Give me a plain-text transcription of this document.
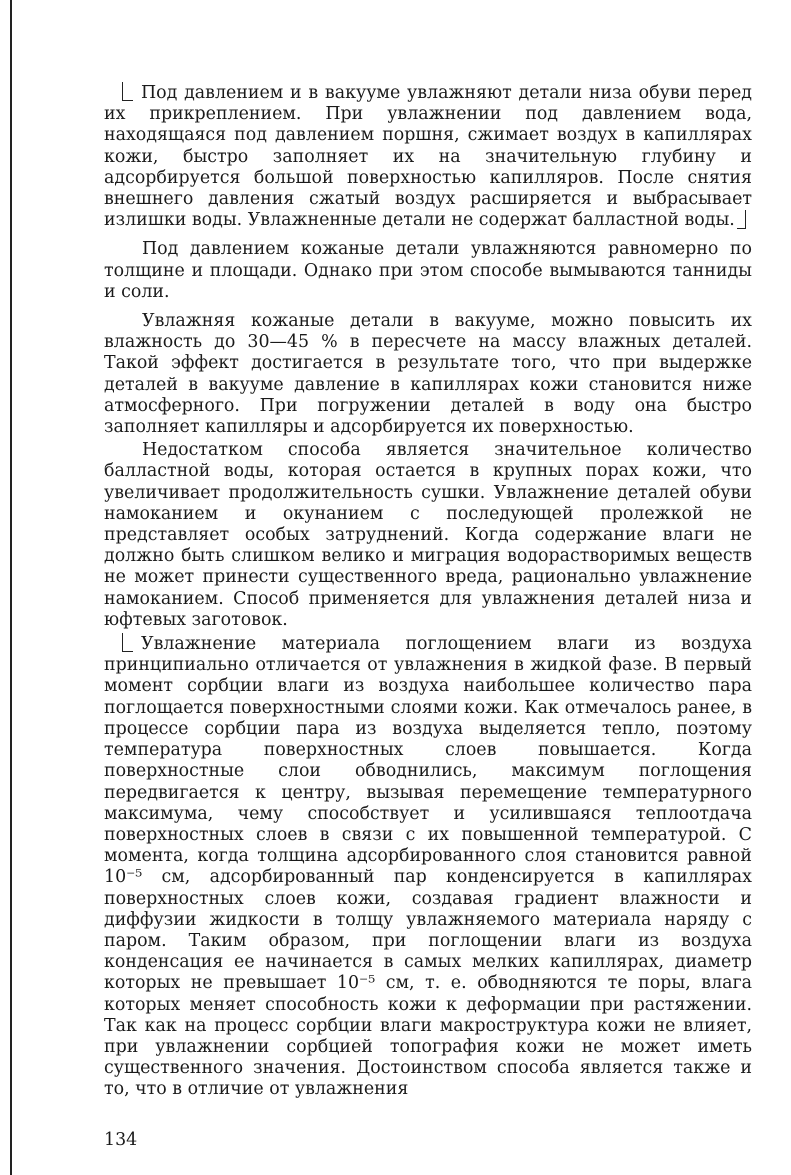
Под давлением и в вакууме увлажняют детали низа обуви перед их прикреплением. При увлажнении под давлением вода, находящаяся под давлением поршня, сжимает воздух в капиллярах кожи, быстро заполняет их на значительную глубину и адсорбируется большой поверхностью капилляров. После снятия внешнего давления сжатый воздух расширяется и выбрасывает излишки воды. Увлажненные детали не содержат балластной воды.

Под давлением кожаные детали увлажняются равномерно по толщине и площади. Однако при этом способе вымываются танниды и соли.

Увлажняя кожаные детали в вакууме, можно повысить их влажность до 30—45 % в пересчете на массу влажных деталей. Такой эффект достигается в результате того, что при выдержке деталей в вакууме давление в капиллярах кожи становится ниже атмосферного. При погружении деталей в воду она быстро заполняет капилляры и адсорбируется их поверхностью.

Недостатком способа является значительное количество балластной воды, которая остается в крупных порах кожи, что увеличивает продолжительность сушки. Увлажнение деталей обуви намоканием и окунанием с последующей пролежкой не представляет особых затруднений. Когда содержание влаги не должно быть слишком велико и миграция водорастворимых веществ не может принести существенного вреда, рационально увлажнение намоканием. Способ применяется для увлажнения деталей низа и юфтевых заготовок.

Увлажнение материала поглощением влаги из воздуха принципиально отличается от увлажнения в жидкой фазе. В первый момент сорбции влаги из воздуха наибольшее количество пара поглощается поверхностными слоями кожи. Как отмечалось ранее, в процессе сорбции пара из воздуха выделяется тепло, поэтому температура поверхностных слоев повышается. Когда поверхностные слои обводнились, максимум поглощения передвигается к центру, вызывая перемещение температурного максимума, чему способствует и усилившаяся теплоотдача поверхностных слоев в связи с их повышенной температурой. С момента, когда толщина адсорбированного слоя становится равной 10⁻⁵ см, адсорбированный пар конденсируется в капиллярах поверхностных слоев кожи, создавая градиент влажности и диффузии жидкости в толщу увлажняемого материала наряду с паром. Таким образом, при поглощении влаги из воздуха конденсация ее начинается в самых мелких капиллярах, диаметр которых не превышает 10⁻⁵ см, т. е. обводняются те поры, влага которых меняет способность кожи к деформации при растяжении. Так как на процесс сорбции влаги макроструктура кожи не влияет, при увлажнении сорбцией топография кожи не может иметь существенного значения. Достоинством способа является также и то, что в отличие от увлажнения

134
